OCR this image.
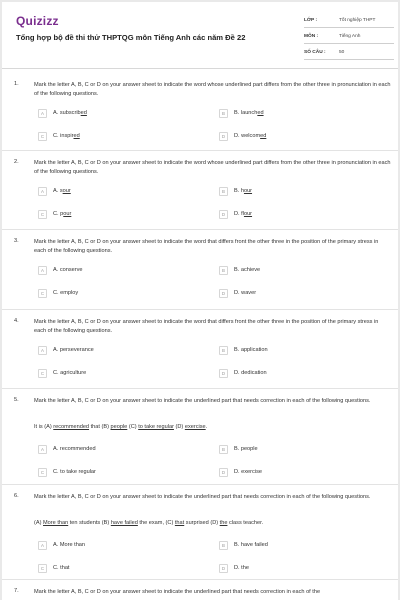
Quizizz
Tổng hợp bộ đề thi thử THPTQG môn Tiếng Anh các năm Đề 22
LỚP :	Tốt nghiệp THPT
MÔN :	Tiếng Anh
SỐ CÂU :	50
1.	Mark the letter A, B, C or D on your answer sheet to indicate the word whose underlined part differs from the other three in pronunciation in each of the following questions.
A	A. subscribed	B	B. launched
C	C. inspired	D	D. welcomed
2.	Mark the letter A, B, C or D on your answer sheet to indicate the word whose underlined part differs from the other three in pronunciation in each of the following questions.
A	A. sour	B	B. hour
C	C. pour	D	D. flour
3.	Mark the letter A, B, C or D on your answer sheet to indicate the word that differs front the other three in the position of the primary stress in each of the following questions.
A	A. conserve	B	B. achieve
C	C. employ	D	D. waver
4.	Mark the letter A, B, C or D on your answer sheet to indicate the word that differs front the other three in the position of the primary stress in each of the following questions.
A	A. perseverance	B	B. application
C	C. agriculture	D	D. dedication
5.	Mark the letter A, B, C or D on your answer sheet to indicate the underlined part that needs correction in each of the following questions.
It is (A) recommended that (B) people (C) to take regular (D) exercise.
A	A. recommended	B	B. people
C	C. to take regular	D	D. exercise
6.	Mark the letter A, B, C or D on your answer sheet to indicate the underlined part that needs correction in each of the following questions.
(A) More than ten students (B) have failed the exam, (C) that surprised (D) the class teacher.
A	A. More than	B	B. have failed
C	C. that	D	D. the
7.	Mark the letter A, B, C or D on your answer sheet to indicate the underlined part that needs correction in each of the
